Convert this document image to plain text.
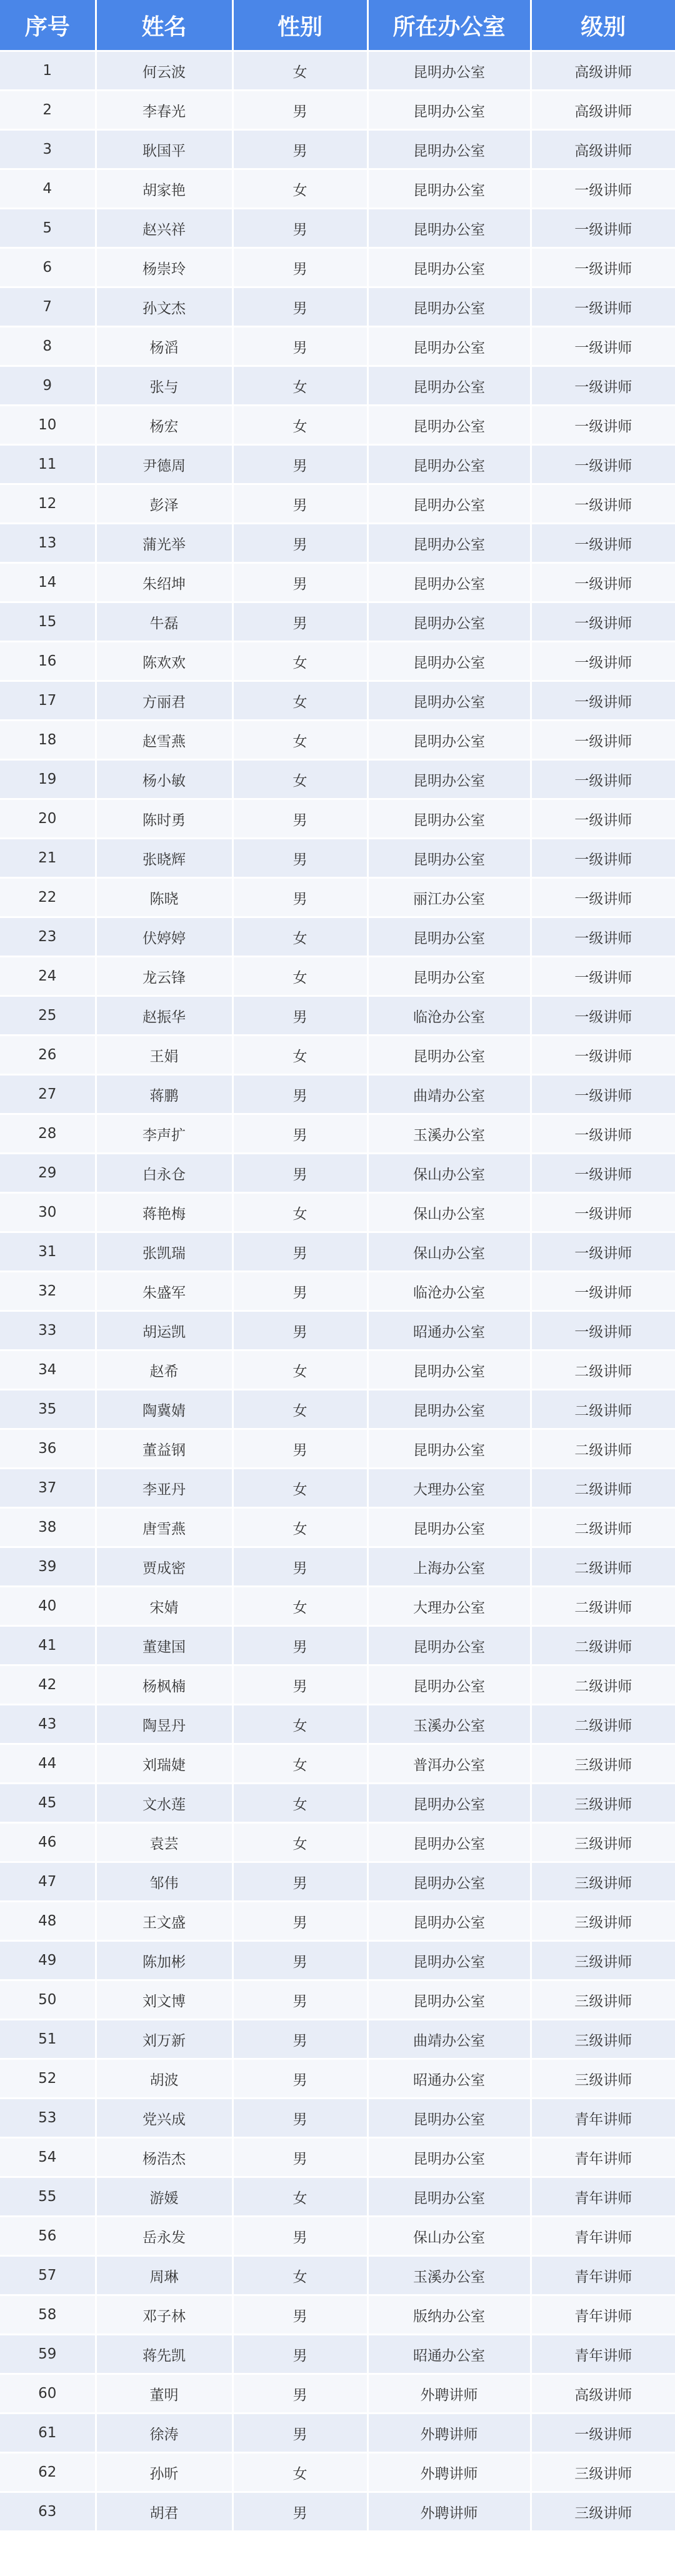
序号	姓名	性别	所在办公室	级别
1	何云波	女	昆明办公室	高级讲师
2	李春光	男	昆明办公室	高级讲师
3	耿国平	男	昆明办公室	高级讲师
4	胡家艳	女	昆明办公室	一级讲师
5	赵兴祥	男	昆明办公室	一级讲师
6	杨崇玲	男	昆明办公室	一级讲师
7	孙文杰	男	昆明办公室	一级讲师
8	杨滔	男	昆明办公室	一级讲师
9	张与	女	昆明办公室	一级讲师
10	杨宏	女	昆明办公室	一级讲师
11	尹德周	男	昆明办公室	一级讲师
12	彭泽	男	昆明办公室	一级讲师
13	蒲光举	男	昆明办公室	一级讲师
14	朱绍坤	男	昆明办公室	一级讲师
15	牛磊	男	昆明办公室	一级讲师
16	陈欢欢	女	昆明办公室	一级讲师
17	方丽君	女	昆明办公室	一级讲师
18	赵雪燕	女	昆明办公室	一级讲师
19	杨小敏	女	昆明办公室	一级讲师
20	陈时勇	男	昆明办公室	一级讲师
21	张晓辉	男	昆明办公室	一级讲师
22	陈晓	男	丽江办公室	一级讲师
23	伏婷婷	女	昆明办公室	一级讲师
24	龙云锋	女	昆明办公室	一级讲师
25	赵振华	男	临沧办公室	一级讲师
26	王娟	女	昆明办公室	一级讲师
27	蒋鹏	男	曲靖办公室	一级讲师
28	李声扩	男	玉溪办公室	一级讲师
29	白永仓	男	保山办公室	一级讲师
30	蒋艳梅	女	保山办公室	一级讲师
31	张凯瑞	男	保山办公室	一级讲师
32	朱盛军	男	临沧办公室	一级讲师
33	胡运凯	男	昭通办公室	一级讲师
34	赵希	女	昆明办公室	二级讲师
35	陶冀婧	女	昆明办公室	二级讲师
36	董益钢	男	昆明办公室	二级讲师
37	李亚丹	女	大理办公室	二级讲师
38	唐雪燕	女	昆明办公室	二级讲师
39	贾成密	男	上海办公室	二级讲师
40	宋婧	女	大理办公室	二级讲师
41	董建国	男	昆明办公室	二级讲师
42	杨枫楠	男	昆明办公室	二级讲师
43	陶昱丹	女	玉溪办公室	二级讲师
44	刘瑞婕	女	普洱办公室	三级讲师
45	文水莲	女	昆明办公室	三级讲师
46	袁芸	女	昆明办公室	三级讲师
47	邹伟	男	昆明办公室	三级讲师
48	王文盛	男	昆明办公室	三级讲师
49	陈加彬	男	昆明办公室	三级讲师
50	刘文博	男	昆明办公室	三级讲师
51	刘万新	男	曲靖办公室	三级讲师
52	胡波	男	昭通办公室	三级讲师
53	党兴成	男	昆明办公室	青年讲师
54	杨浩杰	男	昆明办公室	青年讲师
55	游媛	女	昆明办公室	青年讲师
56	岳永发	男	保山办公室	青年讲师
57	周琳	女	玉溪办公室	青年讲师
58	邓子林	男	版纳办公室	青年讲师
59	蒋先凯	男	昭通办公室	青年讲师
60	董明	男	外聘讲师	高级讲师
61	徐涛	男	外聘讲师	一级讲师
62	孙昕	女	外聘讲师	三级讲师
63	胡君	男	外聘讲师	三级讲师
